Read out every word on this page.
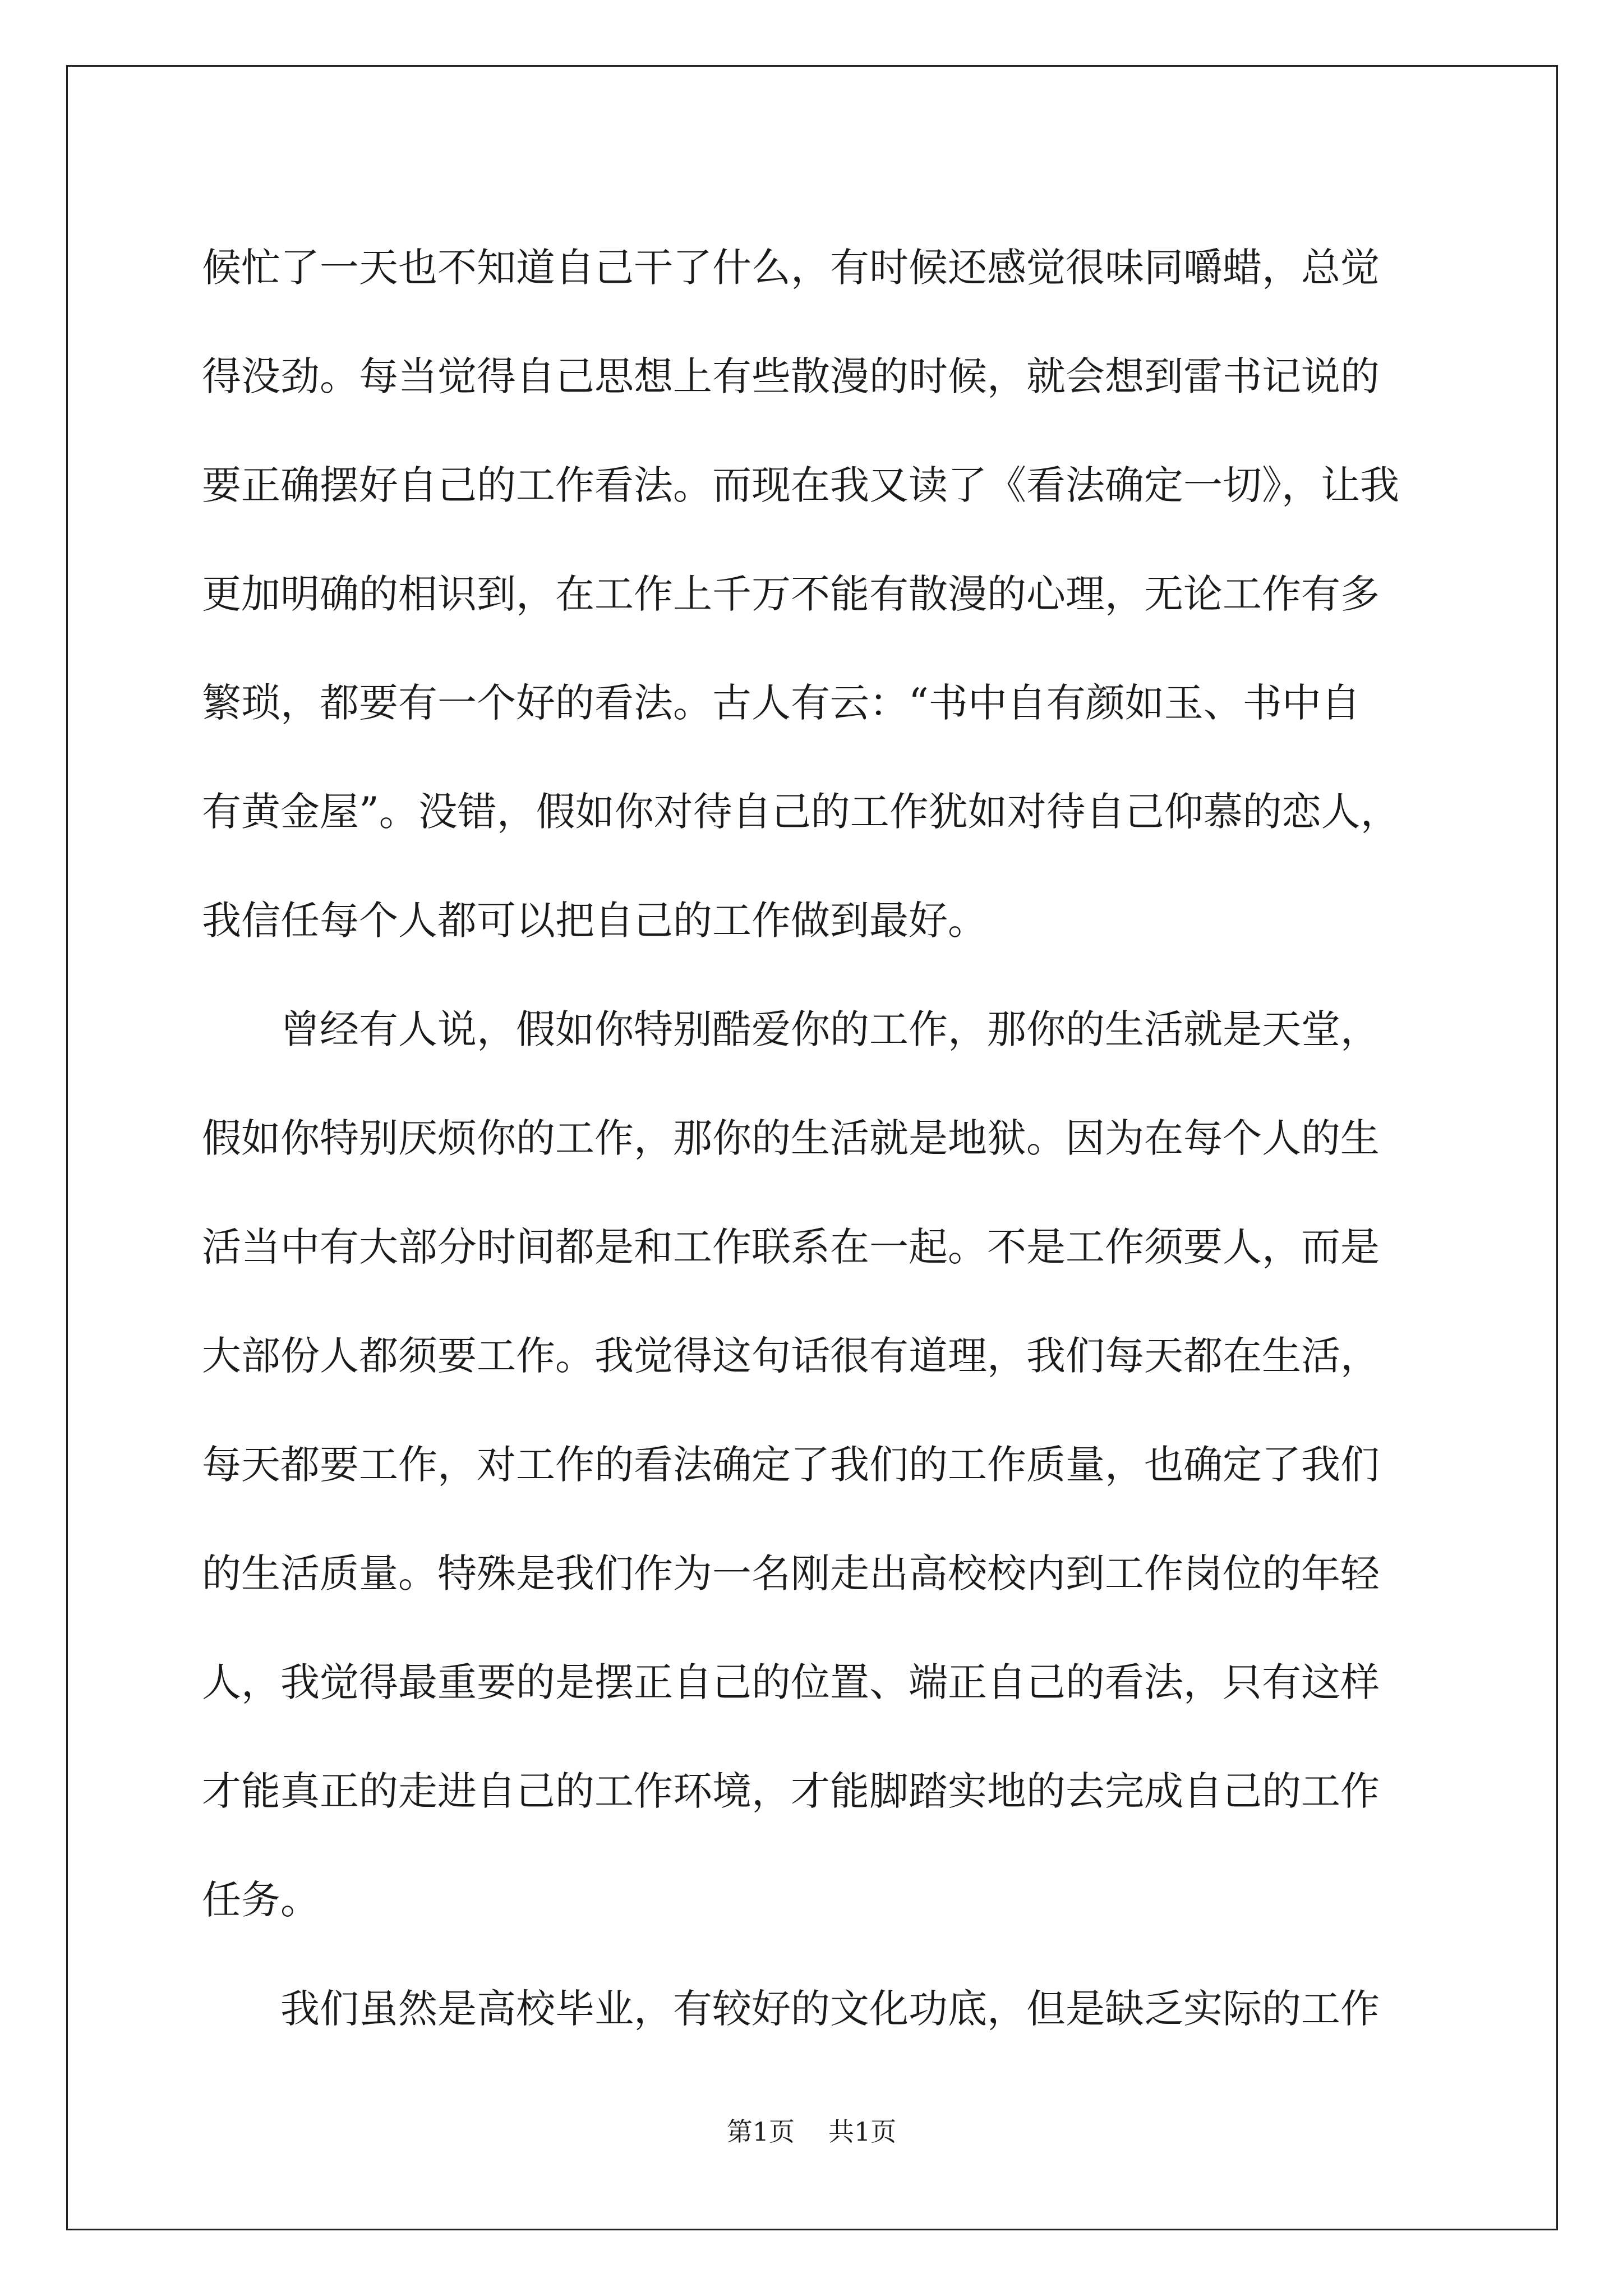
候忙了一天也不知道自己干了什么，有时候还感觉很味同嚼蜡，总觉
得没劲。每当觉得自己思想上有些散漫的时候，就会想到雷书记说的
要正确摆好自己的工作看法。而现在我又读了《看法确定一切》，让我
更加明确的相识到，在工作上千万不能有散漫的心理，无论工作有多
繁琐，都要有一个好的看法。古人有云：“书中自有颜如玉、书中自
有黄金屋”。没错，假如你对待自己的工作犹如对待自己仰慕的恋人，
我信任每个人都可以把自己的工作做到最好。
曾经有人说，假如你特别酷爱你的工作，那你的生活就是天堂，
假如你特别厌烦你的工作，那你的生活就是地狱。因为在每个人的生
活当中有大部分时间都是和工作联系在一起。不是工作须要人，而是
大部份人都须要工作。我觉得这句话很有道理，我们每天都在生活，
每天都要工作，对工作的看法确定了我们的工作质量，也确定了我们
的生活质量。特殊是我们作为一名刚走出高校校内到工作岗位的年轻
人，我觉得最重要的是摆正自己的位置、端正自己的看法，只有这样
才能真正的走进自己的工作环境，才能脚踏实地的去完成自己的工作
任务。
我们虽然是高校毕业，有较好的文化功底，但是缺乏实际的工作
第1页 共1页
